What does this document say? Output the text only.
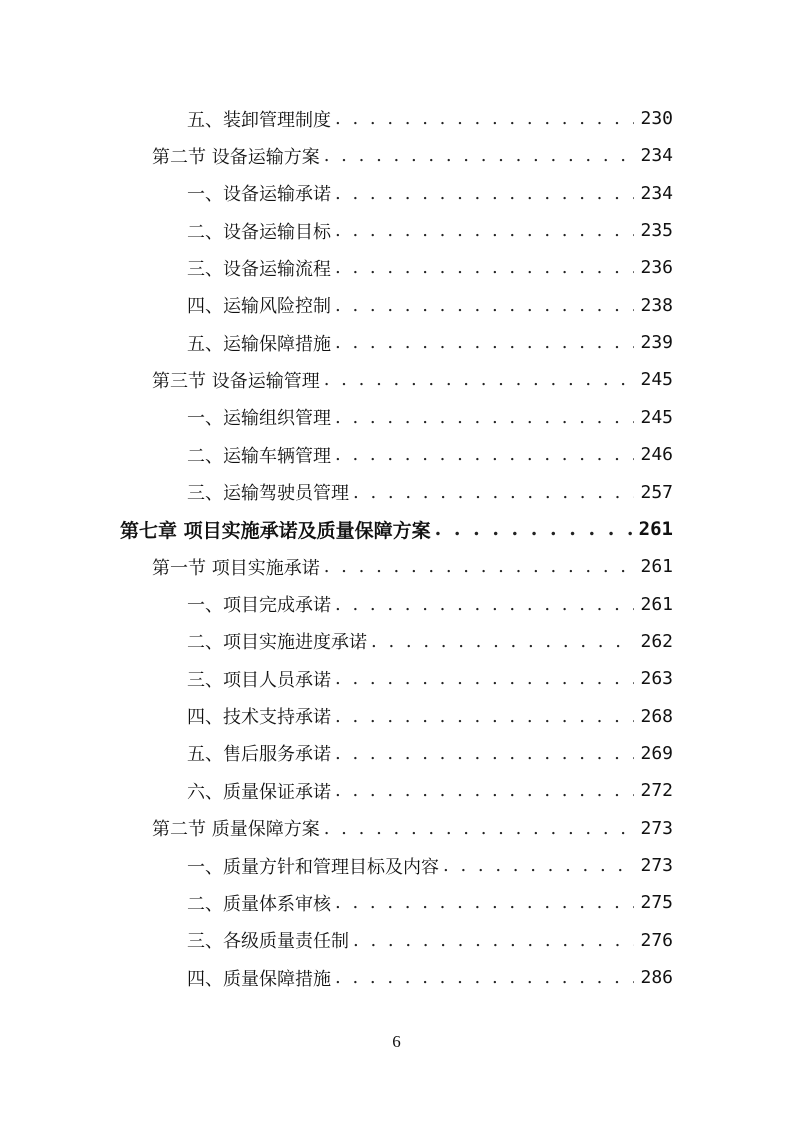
五、装卸管理制度 . . .	230
第二节 设备运输方案 . . .	234
一、设备运输承诺 . . .	234
二、设备运输目标 . . .	235
三、设备运输流程 . . .	236
四、运输风险控制 . . .	238
五、运输保障措施 . . .	239
第三节 设备运输管理 . . .	245
一、运输组织管理 . . .	245
二、运输车辆管理 . . .	246
三、运输驾驶员管理 . . .	257
第七章 项目实施承诺及质量保障方案 . . .	261
第一节 项目实施承诺 . . .	261
一、项目完成承诺 . . .	261
二、项目实施进度承诺 . . .	262
三、项目人员承诺 . . .	263
四、技术支持承诺 . . .	268
五、售后服务承诺 . . .	269
六、质量保证承诺 . . .	272
第二节 质量保障方案 . . .	273
一、质量方针和管理目标及内容 . . .	273
二、质量体系审核 . . .	275
三、各级质量责任制 . . .	276
四、质量保障措施 . . .	286
6
